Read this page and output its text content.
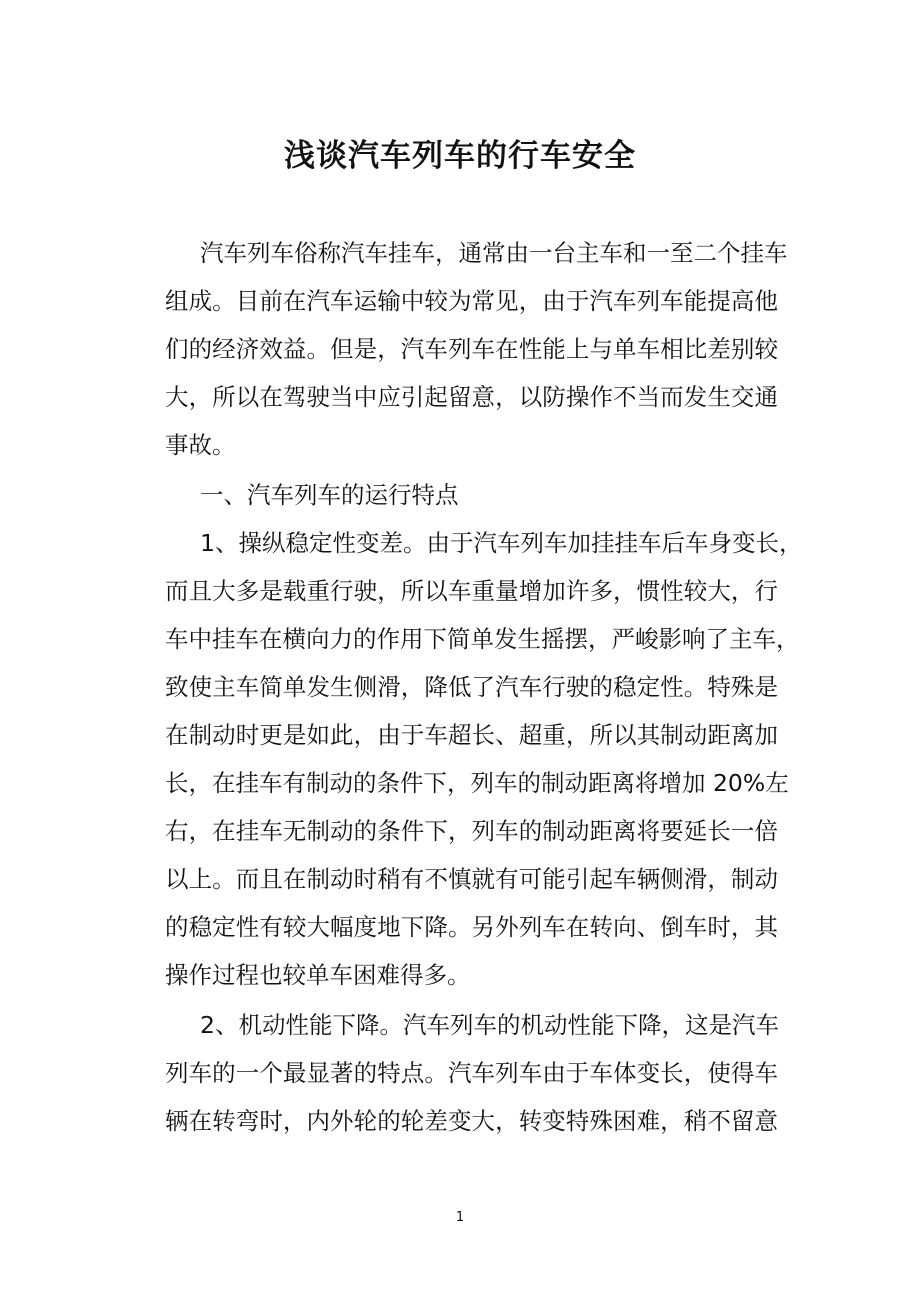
浅谈汽车列车的行车安全
汽车列车俗称汽车挂车，通常由一台主车和一至二个挂车
组成。目前在汽车运输中较为常见，由于汽车列车能提高他
们的经济效益。但是，汽车列车在性能上与单车相比差别较
大，所以在驾驶当中应引起留意，以防操作不当而发生交通
事故。
一、汽车列车的运行特点
1、操纵稳定性变差。由于汽车列车加挂挂车后车身变长，
而且大多是载重行驶，所以车重量增加许多，惯性较大，行
车中挂车在横向力的作用下简单发生摇摆，严峻影响了主车，
致使主车简单发生侧滑，降低了汽车行驶的稳定性。特殊是
在制动时更是如此，由于车超长、超重，所以其制动距离加
长，在挂车有制动的条件下，列车的制动距离将增加 20%左
右，在挂车无制动的条件下，列车的制动距离将要延长一倍
以上。而且在制动时稍有不慎就有可能引起车辆侧滑，制动
的稳定性有较大幅度地下降。另外列车在转向、倒车时，其
操作过程也较单车困难得多。
2、机动性能下降。汽车列车的机动性能下降，这是汽车
列车的一个最显著的特点。汽车列车由于车体变长，使得车
辆在转弯时，内外轮的轮差变大，转变特殊困难，稍不留意
1
